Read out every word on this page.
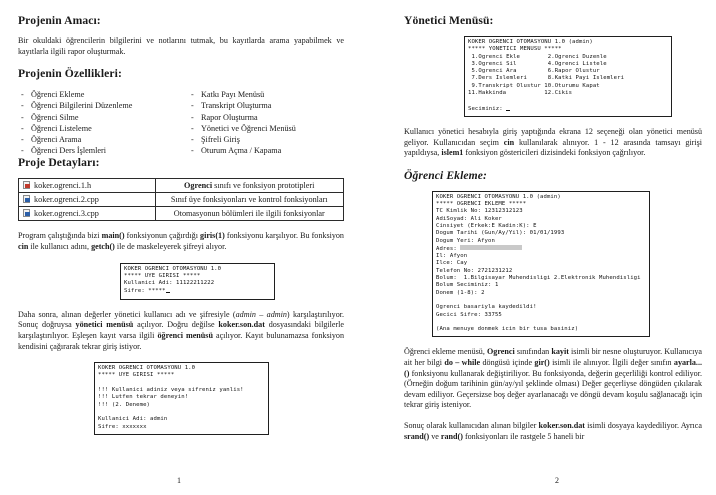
Projenin Amacı:

Bir okuldaki öğrencilerin bilgilerini ve notlarını tutmak, bu kayıtlarda arama yapabilmek ve kayıtlarla ilgili rapor oluşturmak.

Projenin Özellikleri:
- Öğrenci Ekleme
- Öğrenci Bilgilerini Düzenleme
- Öğrenci Silme
- Öğrenci Listeleme
- Öğrenci Arama
- Öğrenci Ders İşlemleri
- Katkı Payı Menüsü
- Transkript Oluşturma
- Rapor Oluşturma
- Yönetici ve Öğrenci Menüsü
- Şifreli Giriş
- Oturum Açma / Kapama
Proje Detayları:
koker.ogrenci.1.h	Ogrenci sınıfı ve fonksiyon prototipleri
koker.ogrenci.2.cpp	Sınıf üye fonksiyonları ve kontrol fonksiyonları
koker.ogrenci.3.cpp	Otomasyonun bölümleri ile ilgili fonksiyonlar

Program çalıştığında bizi main() fonksiyonun çağırdığı giris(1) fonksiyonu karşılıyor. Bu fonksiyon cin ile kullanıcı adını, getch() ile de maskeleyerek şifreyi alıyor.

KOKER OGRENCI OTOMASYONU 1.0
***** UYE GIRISI *****
Kullanici Adi: 11122211222
Sifre: *****

Daha sonra, alınan değerler yönetici kullanıcı adı ve şifresiyle (admin – admin) karşılaştırılıyor. Sonuç doğruysa yönetici menüsü açılıyor. Doğru değilse koker.son.dat dosyasındaki bilgilerle karşılaştırılıyor. Eşleşen kayıt varsa ilgili öğrenci menüsü açılıyor. Kayıt bulunamazsa fonksiyon kendisini çağırarak tekrar giriş istiyor.

KOKER OGRENCI OTOMASYONU 1.0
***** UYE GIRISI *****

!!! Kullanici adiniz veya sifreniz yanlis!
!!! Lutfen tekrar deneyin!
!!! (2. Deneme)

Kullanici Adi: admin
Sifre: xxxxxxx
1
Yönetici Menüsü:
KOKER OGRENCI OTOMASYONU 1.0 (admin)
***** YONETICI MENUSU *****
1.Ogrenci Ekle        2.Ogrenci Duzenle
3.Ogrenci Sil         4.Ogrenci Listele
5.Ogrenci Ara         6.Rapor Olustur
7.Ders Islemleri      8.Katki Payi Islemleri
9.Transkript Olustur 10.Oturumu Kapat
11.Hakkinda           12.Cikis

Seciminiz:

Kullanıcı yönetici hesabıyla giriş yaptığında ekrana 12 seçeneği olan yönetici menüsü geliyor. Kullanıcıdan seçim cin kullanılarak alınıyor. 1 - 12 arasında tamsayı girişi yapıldıysa, islem1 fonksiyon göstericileri dizisindeki fonksiyon çağrılıyor.

Öğrenci Ekleme:
KOKER OGRENCI OTOMASYONU 1.0 (admin)
***** OGRENCI EKLEME *****
TC Kimlik No: 12312312123
AdiSoyad: Ali Koker
Cinsiyet (Erkek:E Kadin:K): E
Dogum Tarihi (Gun/Ay/Yil): 01/01/1993
Dogum Yeri: Afyon
Adres:
Il: Afyon
Ilce: Cay
Telefon No: 2721231212
Bolum:  1.Bilgisayar Muhendisligi 2.Elektronik Muhendisligi
Bolum Seciminiz: 1
Donem (1-8): 2

Ogrenci basariyla kaydedildi!
Gecici Sifre: 33755

(Ana menuye donmek icin bir tusa basiniz)

Öğrenci ekleme menüsü, Ogrenci sınıfından kayit isimli bir nesne oluşturuyor. Kullanıcıya ait her bilgi do – while döngüsü içinde gir() isimli ile alınıyor. İlgili değer sınıfın ayarla...() fonksiyonu kullanarak değiştiriliyor. Bu fonksiyonda, değerin geçerliliği kontrol ediliyor. (Örneğin doğum tarihinin gün/ay/yıl şeklinde olması) Değer geçerliyse döngüden çıkılarak devam ediliyor. Geçersizse boş değer ayarlanacağı ve döngü devam koşulu sağlanacağı için tekrar giriş isteniyor.

Sonuç olarak kullanıcıdan alınan bilgiler koker.son.dat isimli dosyaya kaydediliyor. Ayrıca srand() ve rand() fonksiyonları ile rastgele 5 haneli bir

2
